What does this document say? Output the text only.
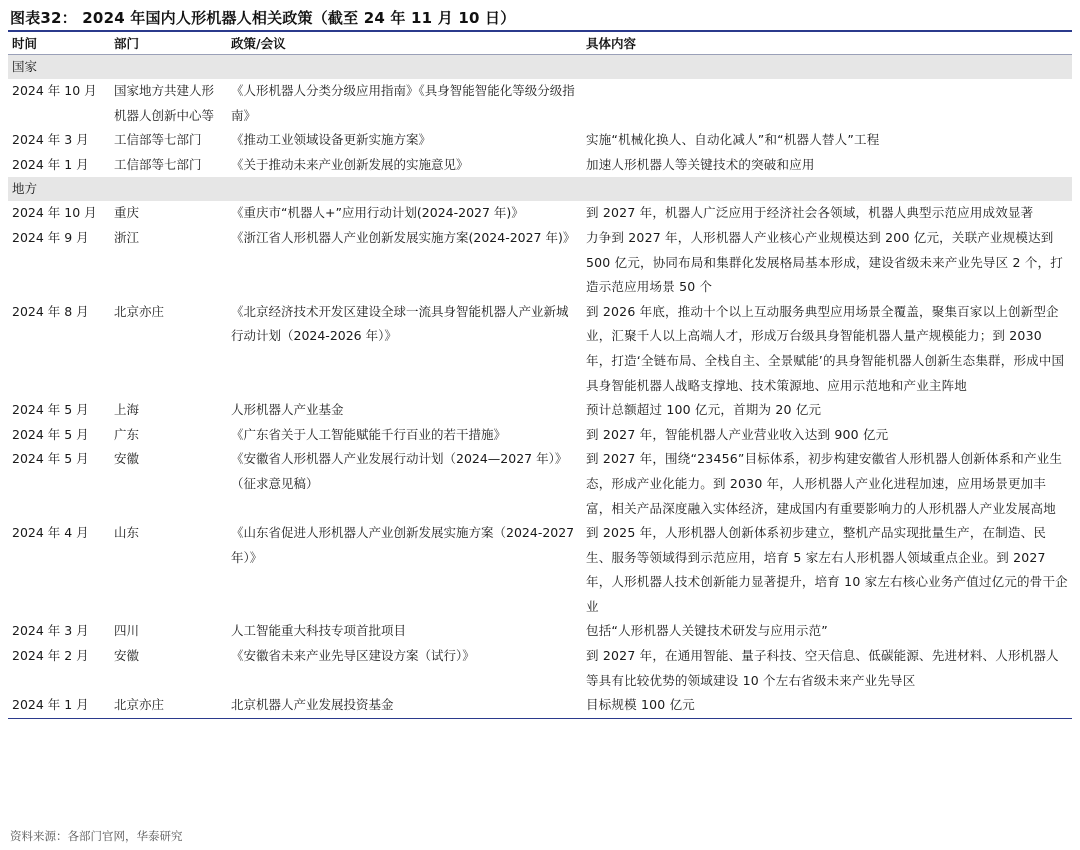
图表32： 2024 年国内人形机器人相关政策（截至 24 年 11 月 10 日）
时间	部门	政策/会议	具体内容
国家			
2024 年 10 月	国家地方共建人形机器人创新中心等	《人形机器人分类分级应用指南》《具身智能智能化等级分级指南》	
2024 年 3 月	工信部等七部门	《推动工业领域设备更新实施方案》	实施“机械化换人、自动化减人”和“机器人替人”工程
2024 年 1 月	工信部等七部门	《关于推动未来产业创新发展的实施意见》	加速人形机器人等关键技术的突破和应用
地方			
2024 年 10 月	重庆	《重庆市“机器人+”应用行动计划(2024-2027 年)》	到 2027 年，机器人广泛应用于经济社会各领域，机器人典型示范应用成效显著
2024 年 9 月	浙江	《浙江省人形机器人产业创新发展实施方案(2024-2027 年)》	力争到 2027 年，人形机器人产业核心产业规模达到 200 亿元，关联产业规模达到 500 亿元，协同布局和集群化发展格局基本形成，建设省级未来产业先导区 2 个，打造示范应用场景 50 个
2024 年 8 月	北京亦庄	《北京经济技术开发区建设全球一流具身智能机器人产业新城行动计划（2024-2026 年）》	到 2026 年底，推动十个以上互动服务典型应用场景全覆盖，聚集百家以上创新型企业，汇聚千人以上高端人才，形成万台级具身智能机器人量产规模能力；到 2030 年，打造‘全链布局、全栈自主、全景赋能’的具身智能机器人创新生态集群，形成中国具身智能机器人战略支撑地、技术策源地、应用示范地和产业主阵地
2024 年 5 月	上海	人形机器人产业基金	预计总额超过 100 亿元，首期为 20 亿元
2024 年 5 月	广东	《广东省关于人工智能赋能千行百业的若干措施》	到 2027 年，智能机器人产业营业收入达到 900 亿元
2024 年 5 月	安徽	《安徽省人形机器人产业发展行动计划（2024—2027 年）》（征求意见稿）	到 2027 年，围绕“23456”目标体系，初步构建安徽省人形机器人创新体系和产业生态，形成产业化能力。到 2030 年，人形机器人产业化进程加速，应用场景更加丰富，相关产品深度融入实体经济，建成国内有重要影响力的人形机器人产业发展高地
2024 年 4 月	山东	《山东省促进人形机器人产业创新发展实施方案（2024-2027 年）》	到 2025 年，人形机器人创新体系初步建立，整机产品实现批量生产，在制造、民生、服务等领域得到示范应用，培育 5 家左右人形机器人领域重点企业。到 2027 年，人形机器人技术创新能力显著提升，培育 10 家左右核心业务产值过亿元的骨干企业
2024 年 3 月	四川	人工智能重大科技专项首批项目	包括“人形机器人关键技术研发与应用示范”
2024 年 2 月	安徽	《安徽省未来产业先导区建设方案（试行）》	到 2027 年，在通用智能、量子科技、空天信息、低碳能源、先进材料、人形机器人等具有比较优势的领域建设 10 个左右省级未来产业先导区
2024 年 1 月	北京亦庄	北京机器人产业发展投资基金	目标规模 100 亿元
资料来源：各部门官网，华泰研究
